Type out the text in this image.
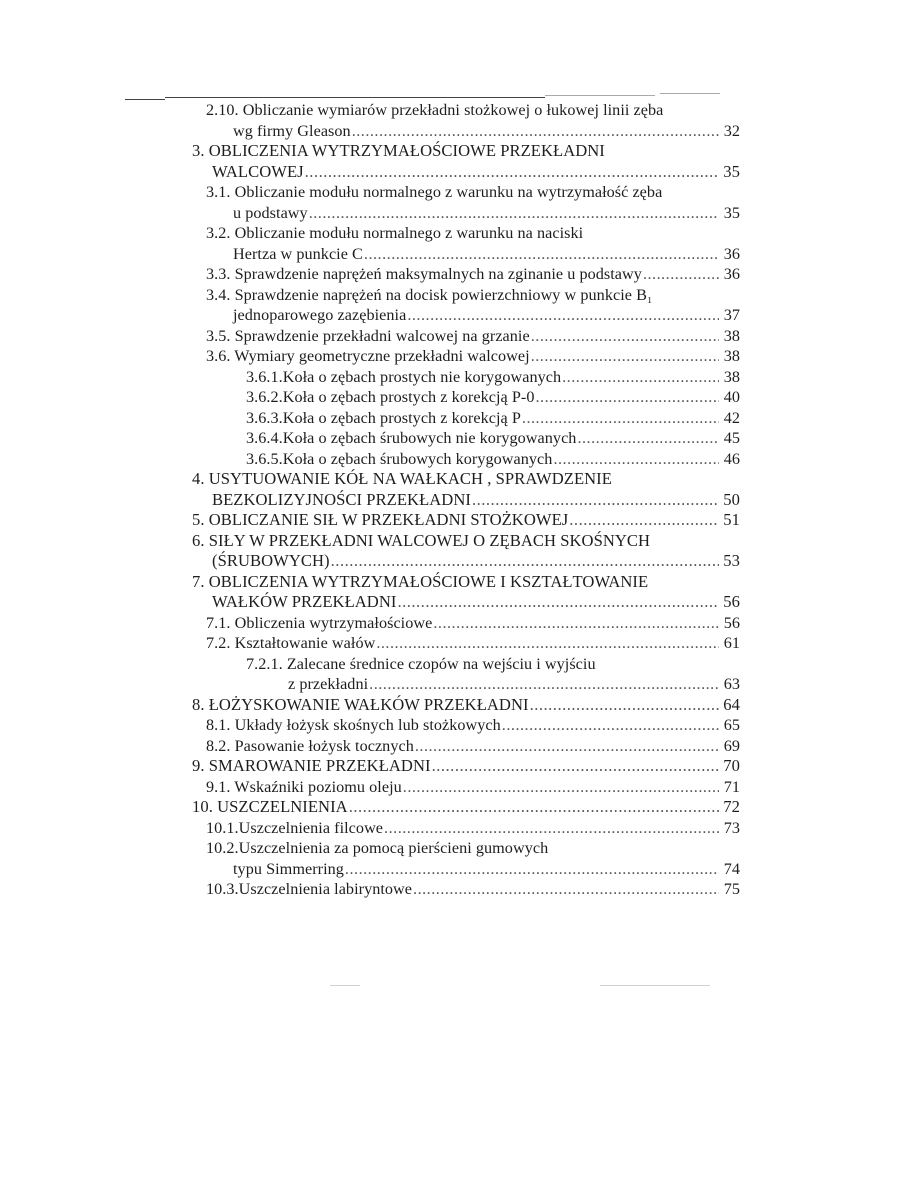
2.10. Obliczanie wymiarów przekładni stożkowej o łukowej linii zęba
wg firmy Gleason .....	32
3. OBLICZENIA WYTRZYMAŁOŚCIOWE PRZEKŁADNI
WALCOWEJ .....	35
3.1. Obliczanie modułu normalnego z warunku na wytrzymałość zęba
u podstawy .....	35
3.2. Obliczanie modułu normalnego z warunku na naciski
Hertza w punkcie C .....	36
3.3. Sprawdzenie naprężeń maksymalnych na zginanie u podstawy .....	36
3.4. Sprawdzenie naprężeń na docisk powierzchniowy w punkcie B₁
jednoparowego zazębienia .....	37
3.5. Sprawdzenie przekładni walcowej na grzanie .....	38
3.6. Wymiary geometryczne przekładni walcowej .....	38
3.6.1.Koła o zębach prostych nie korygowanych .....	38
3.6.2.Koła o zębach prostych z korekcją P-0 .....	40
3.6.3.Koła o zębach prostych z korekcją P .....	42
3.6.4.Koła o zębach śrubowych nie korygowanych .....	45
3.6.5.Koła o zębach śrubowych korygowanych .....	46
4. USYTUOWANIE KÓŁ NA WAŁKACH , SPRAWDZENIE
BEZKOLIZYJNOŚCI PRZEKŁADNI .....	50
5. OBLICZANIE SIŁ W PRZEKŁADNI STOŻKOWEJ .....	51
6. SIŁY W PRZEKŁADNI WALCOWEJ O ZĘBACH SKOŚNYCH
(ŚRUBOWYCH) .....	53
7. OBLICZENIA WYTRZYMAŁOŚCIOWE I KSZTAŁTOWANIE
WAŁKÓW PRZEKŁADNI .....	56
7.1. Obliczenia wytrzymałościowe .....	56
7.2. Kształtowanie wałów .....	61
7.2.1. Zalecane średnice czopów na wejściu i wyjściu
z przekładni .....	63
8. ŁOŻYSKOWANIE WAŁKÓW PRZEKŁADNI .....	64
8.1. Układy łożysk skośnych lub stożkowych .....	65
8.2. Pasowanie łożysk tocznych .....	69
9. SMAROWANIE PRZEKŁADNI .....	70
9.1. Wskaźniki poziomu oleju .....	71
10. USZCZELNIENIA .....	72
10.1.Uszczelnienia filcowe .....	73
10.2.Uszczelnienia za pomocą pierścieni gumowych
typu Simmerring .....	74
10.3.Uszczelnienia labiryntowe .....	75
